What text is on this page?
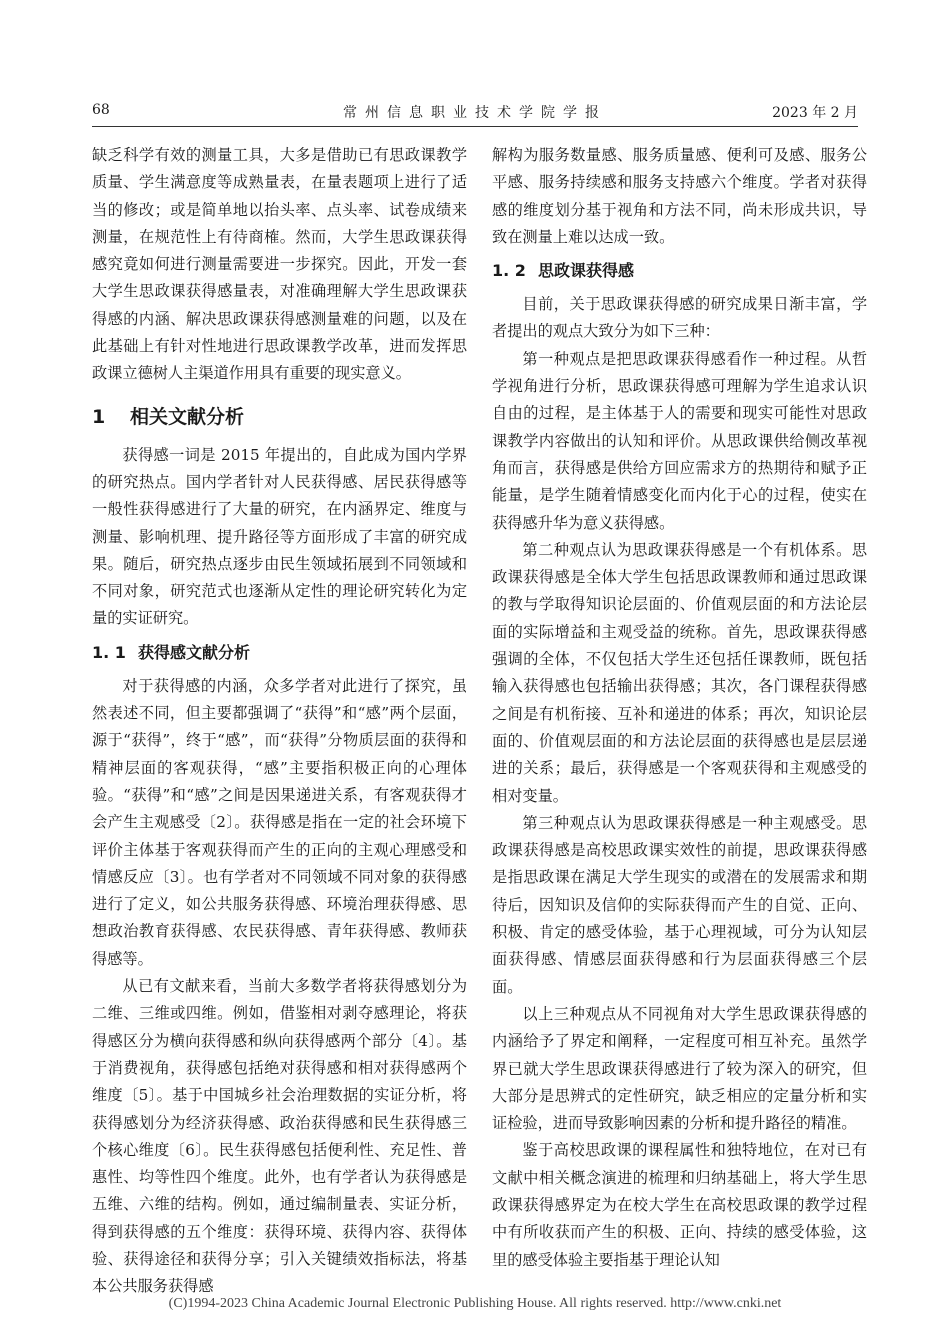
68	常州信息职业技术学院学报	2023 年 2 月

缺乏科学有效的测量工具，大多是借助已有思政课教学质量、学生满意度等成熟量表，在量表题项上进行了适当的修改；或是简单地以抬头率、点头率、试卷成绩来测量，在规范性上有待商榷。然而，大学生思政课获得感究竟如何进行测量需要进一步探究。因此，开发一套大学生思政课获得感量表，对准确理解大学生思政课获得感的内涵、解决思政课获得感测量难的问题，以及在此基础上有针对性地进行思政课教学改革，进而发挥思政课立德树人主渠道作用具有重要的现实意义。

1 相关文献分析

获得感一词是 2015 年提出的，自此成为国内学界的研究热点。国内学者针对人民获得感、居民获得感等一般性获得感进行了大量的研究，在内涵界定、维度与测量、影响机理、提升路径等方面形成了丰富的研究成果。随后，研究热点逐步由民生领域拓展到不同领域和不同对象，研究范式也逐渐从定性的理论研究转化为定量的实证研究。

1. 1 获得感文献分析

对于获得感的内涵，众多学者对此进行了探究，虽然表述不同，但主要都强调了“获得”和“感”两个层面，源于“获得”，终于“感”，而“获得”分物质层面的获得和精神层面的客观获得，“感”主要指积极正向的心理体验。“获得”和“感”之间是因果递进关系，有客观获得才会产生主观感受〔2〕。获得感是指在一定的社会环境下评价主体基于客观获得而产生的正向的主观心理感受和情感反应〔3〕。也有学者对不同领域不同对象的获得感进行了定义，如公共服务获得感、环境治理获得感、思想政治教育获得感、农民获得感、青年获得感、教师获得感等。

从已有文献来看，当前大多数学者将获得感划分为二维、三维或四维。例如，借鉴相对剥夺感理论，将获得感区分为横向获得感和纵向获得感两个部分〔4〕。基于消费视角，获得感包括绝对获得感和相对获得感两个维度〔5〕。基于中国城乡社会治理数据的实证分析，将获得感划分为经济获得感、政治获得感和民生获得感三个核心维度〔6〕。民生获得感包括便利性、充足性、普惠性、均等性四个维度。此外，也有学者认为获得感是五维、六维的结构。例如，通过编制量表、实证分析，得到获得感的五个维度：获得环境、获得内容、获得体验、获得途径和获得分享；引入关键绩效指标法，将基本公共服务获得感

解构为服务数量感、服务质量感、便利可及感、服务公平感、服务持续感和服务支持感六个维度。学者对获得感的维度划分基于视角和方法不同，尚未形成共识，导致在测量上难以达成一致。

1. 2 思政课获得感

目前，关于思政课获得感的研究成果日渐丰富，学者提出的观点大致分为如下三种：

第一种观点是把思政课获得感看作一种过程。从哲学视角进行分析，思政课获得感可理解为学生追求认识自由的过程，是主体基于人的需要和现实可能性对思政课教学内容做出的认知和评价。从思政课供给侧改革视角而言，获得感是供给方回应需求方的热期待和赋予正能量，是学生随着情感变化而内化于心的过程，使实在获得感升华为意义获得感。

第二种观点认为思政课获得感是一个有机体系。思政课获得感是全体大学生包括思政课教师和通过思政课的教与学取得知识论层面的、价值观层面的和方法论层面的实际增益和主观受益的统称。首先，思政课获得感强调的全体，不仅包括大学生还包括任课教师，既包括输入获得感也包括输出获得感；其次，各门课程获得感之间是有机衔接、互补和递进的体系；再次，知识论层面的、价值观层面的和方法论层面的获得感也是层层递进的关系；最后，获得感是一个客观获得和主观感受的相对变量。

第三种观点认为思政课获得感是一种主观感受。思政课获得感是高校思政课实效性的前提，思政课获得感是指思政课在满足大学生现实的或潜在的发展需求和期待后，因知识及信仰的实际获得而产生的自觉、正向、积极、肯定的感受体验，基于心理视域，可分为认知层面获得感、情感层面获得感和行为层面获得感三个层面。

以上三种观点从不同视角对大学生思政课获得感的内涵给予了界定和阐释，一定程度可相互补充。虽然学界已就大学生思政课获得感进行了较为深入的研究，但大部分是思辨式的定性研究，缺乏相应的定量分析和实证检验，进而导致影响因素的分析和提升路径的精准。

鉴于高校思政课的课程属性和独特地位，在对已有文献中相关概念演进的梳理和归纳基础上，将大学生思政课获得感界定为在校大学生在高校思政课的教学过程中有所收获而产生的积极、正向、持续的感受体验，这里的感受体验主要指基于理论认知

(C)1994-2023 China Academic Journal Electronic Publishing House. All rights reserved. http://www.cnki.net
